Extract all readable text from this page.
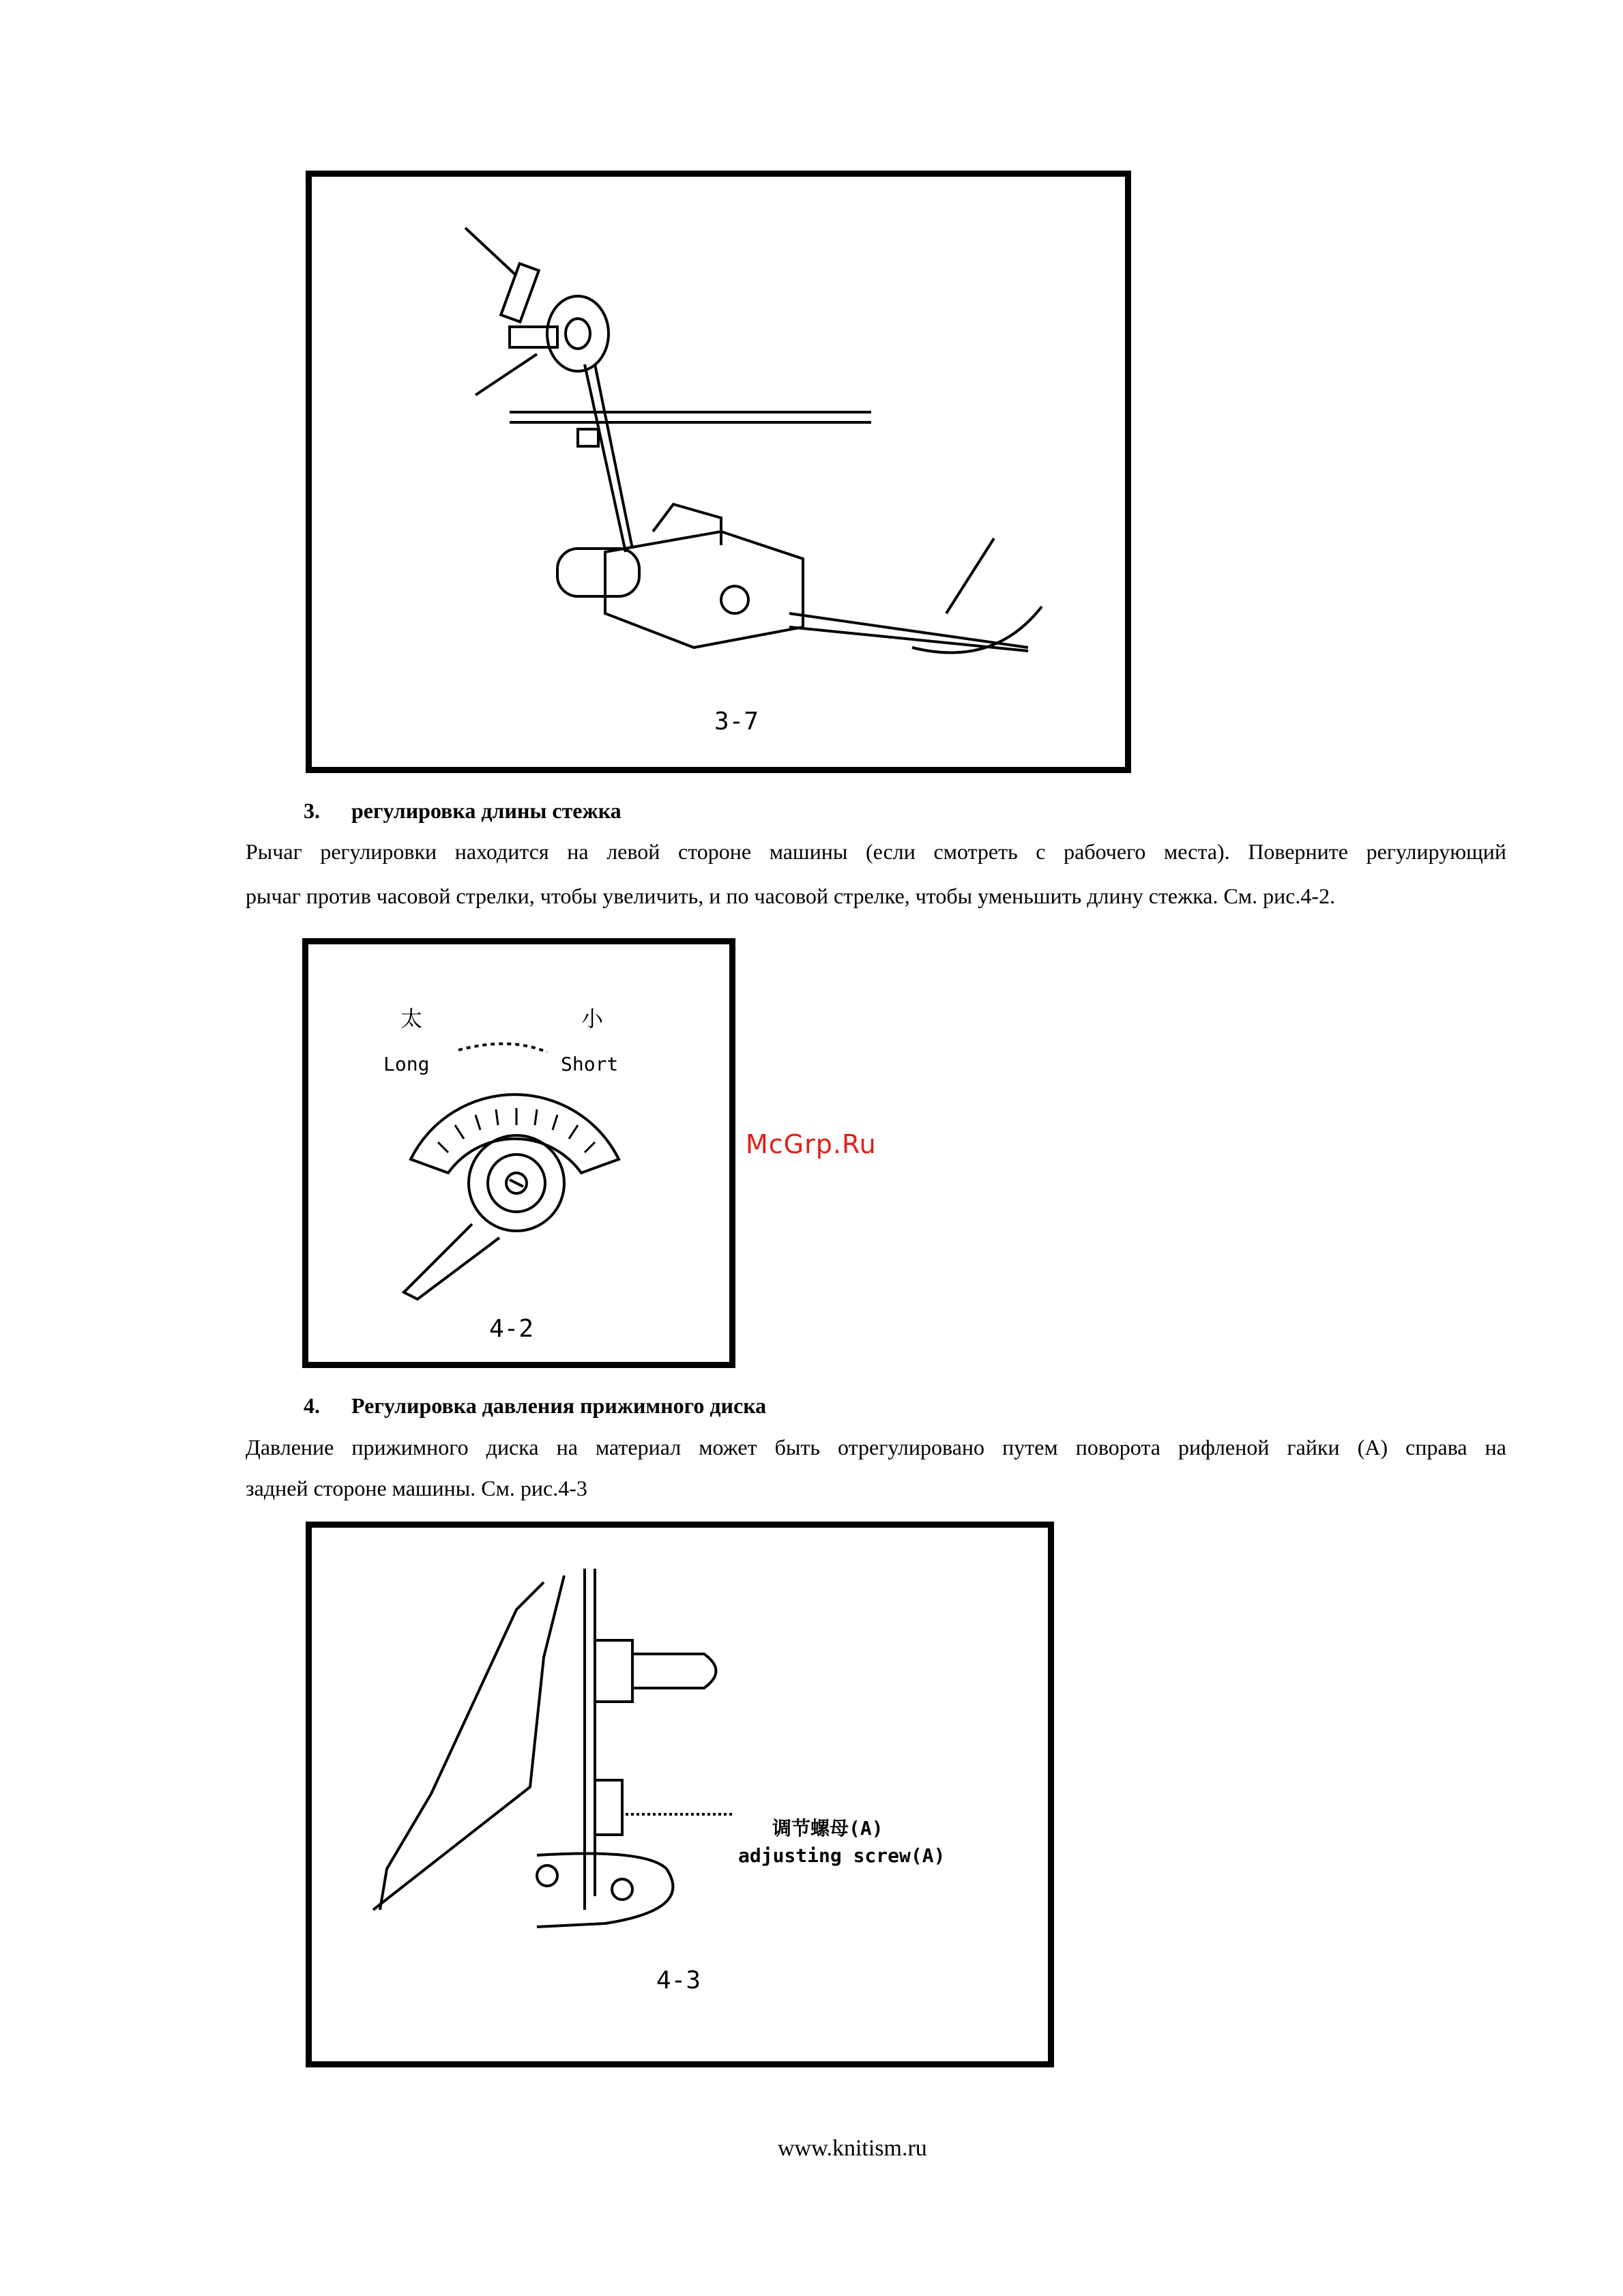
3-7
3. регулировка длины стежка
Рычаг регулировки находится на левой стороне машины (если смотреть с рабочего места). Поверните регулирующий
рычаг против часовой стрелки, чтобы увеличить, и по часовой стрелке, чтобы уменьшить длину стежка. См. рис.4-2.
太	小
Long	Short
4-2
McGrp.Ru
4. Регулировка давления прижимного диска
Давление прижимного диска на материал может быть отрегулировано путем поворота рифленой гайки (А) справа на
задней стороне машины. См. рис.4-3
调节螺母(A)
adjusting screw(A)
4-3
www.knitism.ru
